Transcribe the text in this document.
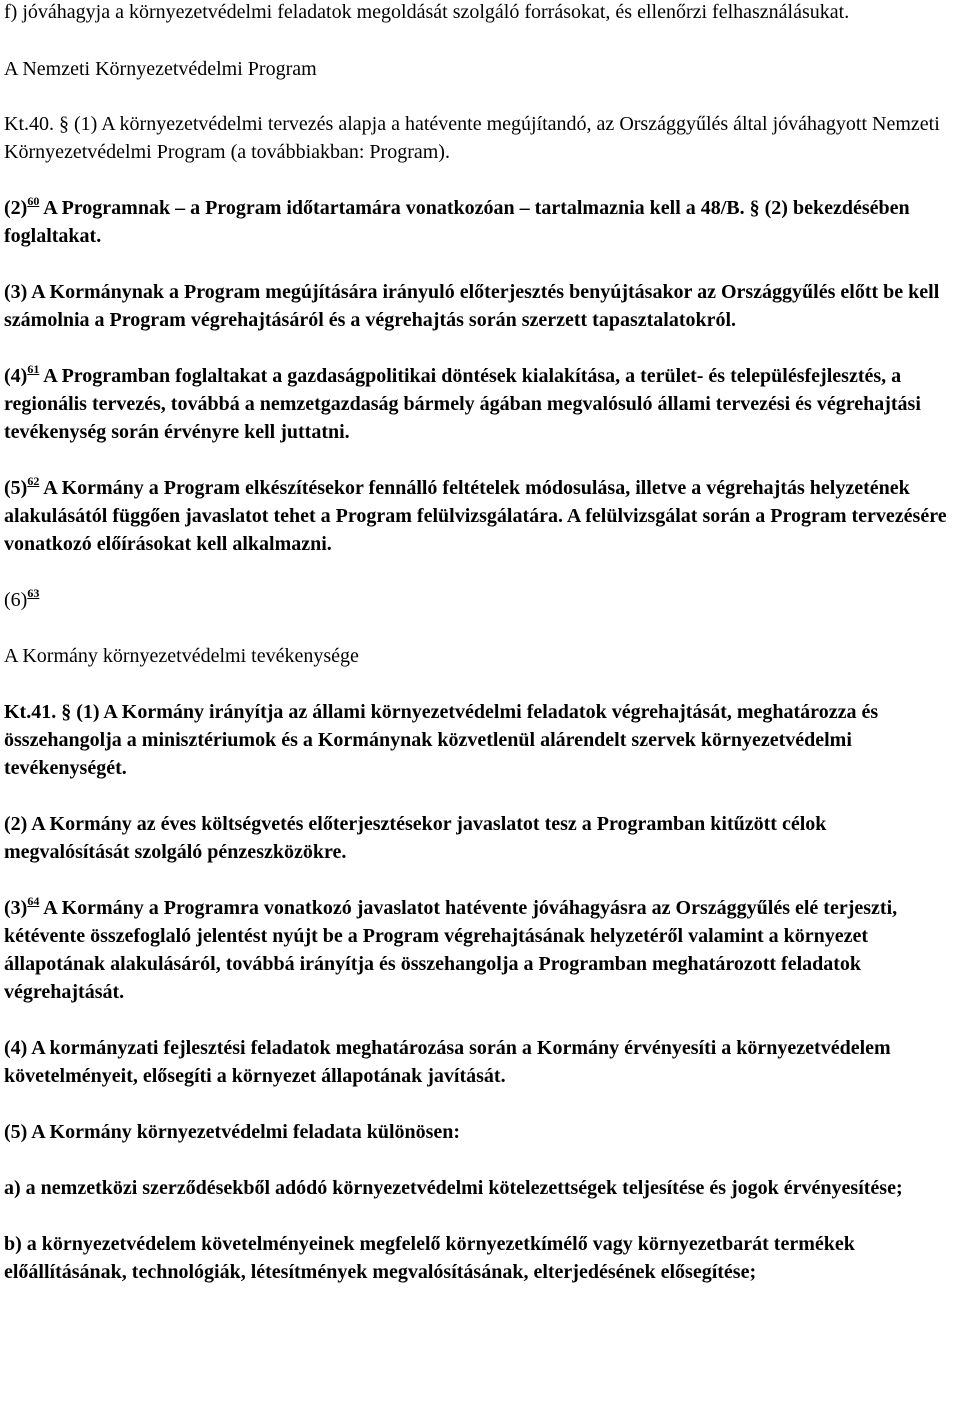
f) jóváhagyja a környezetvédelmi feladatok megoldását szolgáló forrásokat, és ellenőrzi felhasználásukat.

A Nemzeti Környezetvédelmi Program

Kt.40. § (1) A környezetvédelmi tervezés alapja a hatévente megújítandó, az Országgyűlés által jóváhagyott Nemzeti Környezetvédelmi Program (a továbbiakban: Program).

(2)$^{60}$ A Programnak – a Program időtartamára vonatkozóan – tartalmaznia kell a 48/B. § (2) bekezdésében foglaltakat.

(3) A Kormánynak a Program megújítására irányuló előterjesztés benyújtásakor az Országgyűlés előtt be kell számolnia a Program végrehajtásáról és a végrehajtás során szerzett tapasztalatokról.

(4)$^{61}$ A Programban foglaltakat a gazdaságpolitikai döntések kialakítása, a terület- és településfejlesztés, a regionális tervezés, továbbá a nemzetgazdaság bármely ágában megvalósuló állami tervezési és végrehajtási tevékenység során érvényre kell juttatni.

(5)$^{62}$ A Kormány a Program elkészítésekor fennálló feltételek módosulása, illetve a végrehajtás helyzetének alakulásától függően javaslatot tehet a Program felülvizsgálatára. A felülvizsgálat során a Program tervezésére vonatkozó előírásokat kell alkalmazni.

(6)$^{63}$

A Kormány környezetvédelmi tevékenysége

Kt.41. § (1) A Kormány irányítja az állami környezetvédelmi feladatok végrehajtását, meghatározza és összehangolja a minisztériumok és a Kormánynak közvetlenül alárendelt szervek környezetvédelmi tevékenységét.

(2) A Kormány az éves költségvetés előterjesztésekor javaslatot tesz a Programban kitűzött célok megvalósítását szolgáló pénzeszközökre.

(3)$^{64}$ A Kormány a Programra vonatkozó javaslatot hatévente jóváhagyásra az Országgyűlés elé terjeszti, kétévente összefoglaló jelentést nyújt be a Program végrehajtásának helyzetéről valamint a környezet állapotának alakulásáról, továbbá irányítja és összehangolja a Programban meghatározott feladatok végrehajtását.

(4) A kormányzati fejlesztési feladatok meghatározása során a Kormány érvényesíti a környezetvédelem követelményeit, elősegíti a környezet állapotának javítását.

(5) A Kormány környezetvédelmi feladata különösen:

a) a nemzetközi szerződésekből adódó környezetvédelmi kötelezettségek teljesítése és jogok érvényesítése;

b) a környezetvédelem követelményeinek megfelelő környezetkímélő vagy környezetbarát termékek előállításának, technológiák, létesítmények megvalósításának, elterjedésének elősegítése;
